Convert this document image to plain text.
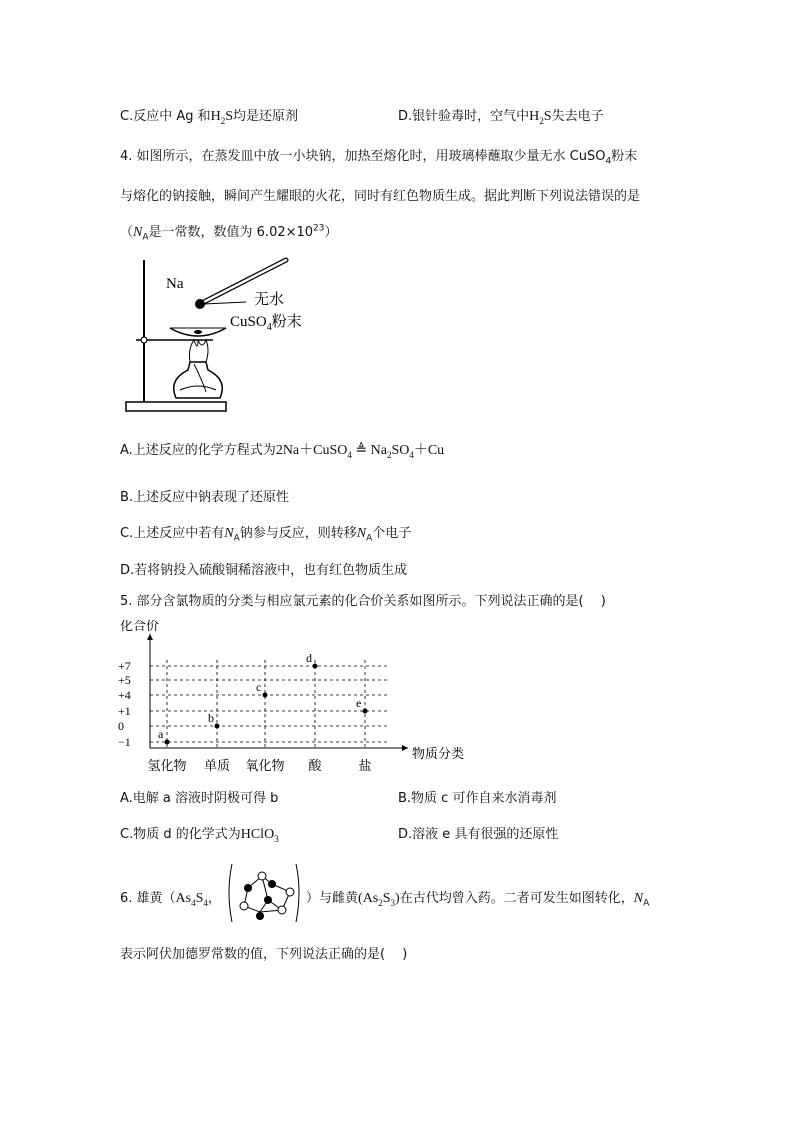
C.反应中 Ag 和$H_2S$均是还原剂	D.银针验毒时，空气中$H_2S$失去电子
4. 如图所示，在蒸发皿中放一小块钠，加热至熔化时，用玻璃棒蘸取少量无水 CuSO$_4$粉末
与熔化的钠接触，瞬间产生耀眼的火花，同时有红色物质生成。据此判断下列说法错误的是
（$N_A$是一常数，数值为 $6.02\times 10^{23}$）
Na
无水
CuSO$_4$粉末
A.上述反应的化学方程式为2Na＋CuSO$_4$ ≜ $Na_2SO_4+Cu$
B.上述反应中钠表现了还原性
C.上述反应中若有$N_A$钠参与反应，则转移$N_A$个电子
D.若将钠投入硫酸铜稀溶液中，也有红色物质生成
5. 部分含氯物质的分类与相应氯元素的化合价关系如图所示。下列说法正确的是(　 )
化合价
物质分类
+7
+5
+4
+1
0
−1
氢化物 单质 氧化物 酸	盐
a
b
c
d
e
A.电解 a 溶液时阴极可得 b	B.物质 c 可作自来水消毒剂
C.物质 d 的化学式为HClO$_3$	D.溶液 e 具有很强的还原性
6. 雄黄（$As_4S_4$，	）与雌黄$(As_2S_3)$在古代均曾入药。二者可发生如图转化，$N_A$
表示阿伏加德罗常数的值，下列说法正确的是(　 )
